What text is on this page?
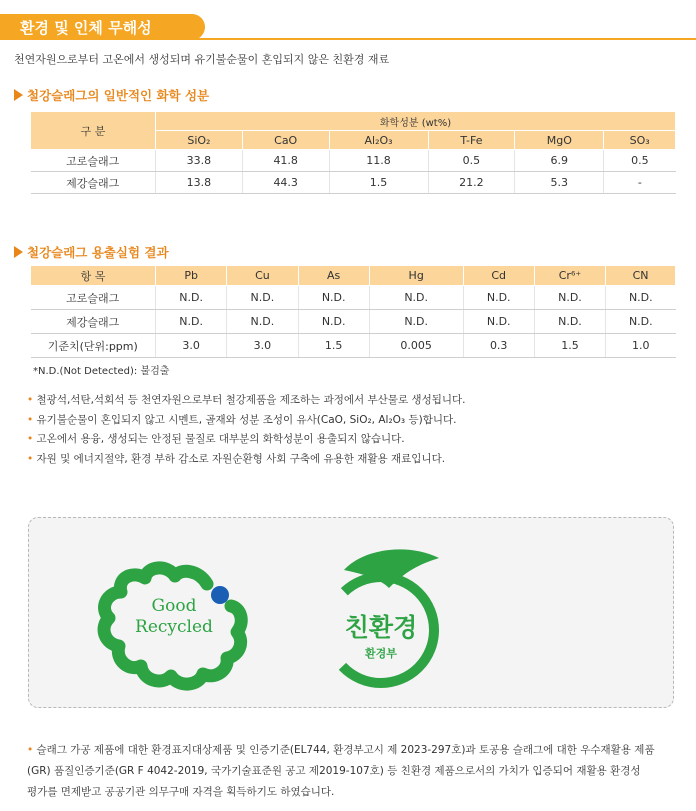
환경 및 인체 무해성
천연자원으로부터 고온에서 생성되며 유기불순물이 혼입되지 않은 친환경 재료
철강슬래그의 일반적인 화학 성분
구 분	화학성분 (wt%)					
	SiO₂	CaO	Al₂O₃	T-Fe	MgO	SO₃
고로슬래그	33.8	41.8	11.8	0.5	6.9	0.5
제강슬래그	13.8	44.3	1.5	21.2	5.3	-
철강슬래그 용출실험 결과
항 목	Pb	Cu	As	Hg	Cd	Cr⁶⁺	CN
고로슬래그	N.D.	N.D.	N.D.	N.D.	N.D.	N.D.	N.D.
제강슬래그	N.D.	N.D.	N.D.	N.D.	N.D.	N.D.	N.D.
기준치(단위:ppm)	3.0	3.0	1.5	0.005	0.3	1.5	1.0
*N.D.(Not Detected): 불검출
• 철광석,석탄,석회석 등 천연자원으로부터 철강제품을 제조하는 과정에서 부산물로 생성됩니다.
• 유기불순물이 혼입되지 않고 시멘트, 골재와 성분 조성이 유사(CaO, SiO₂, Al₂O₃ 등)합니다.
• 고온에서 용융, 생성되는 안정된 물질로 대부분의 화학성분이 용출되지 않습니다.
• 자원 및 에너지절약, 환경 부하 감소로 자원순환형 사회 구축에 유용한 재활용 재료입니다.
Good
Recycled	친환경
환경부
• 슬래그 가공 제품에 대한 환경표지대상제품 및 인증기준(EL744, 환경부고시 제 2023-297호)과 토공용 슬래그에 대한 우수재활용 제품
(GR) 품질인증기준(GR F 4042-2019, 국가기술표준원 공고 제2019-107호) 등 친환경 제품으로서의 가치가 입증되어 재활용 환경성
평가를 면제받고 공공기관 의무구매 자격을 획득하기도 하였습니다.
